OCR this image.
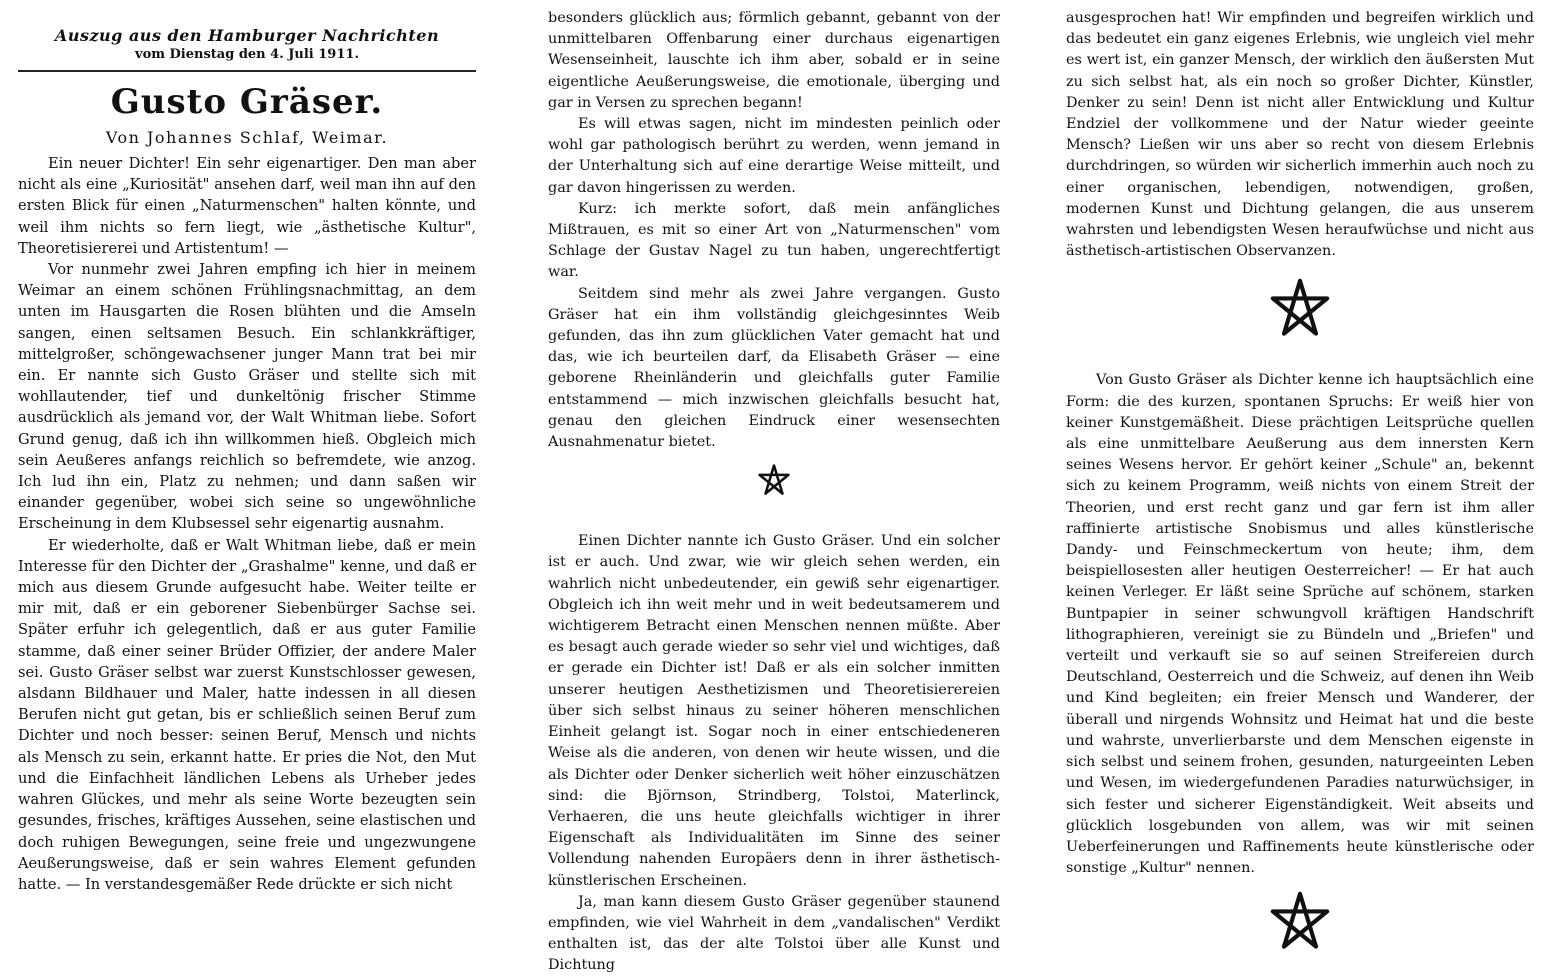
Auszug aus den Hamburger Nachrichten
vom Dienstag den 4. Juli 1911.
Gusto Gräser.
Von Johannes Schlaf, Weimar.

Ein neuer Dichter! Ein sehr eigenartiger. Den man aber nicht als eine „Kuriosität" ansehen darf, weil man ihn auf den ersten Blick für einen „Naturmenschen" halten könnte, und weil ihm nichts so fern liegt, wie „ästhetische Kultur", Theoretisiererei und Artistentum! —

Vor nunmehr zwei Jahren empfing ich hier in meinem Weimar an einem schönen Frühlingsnachmittag, an dem unten im Hausgarten die Rosen blühten und die Amseln sangen, einen seltsamen Besuch. Ein schlankkräftiger, mittelgroßer, schöngewachsener junger Mann trat bei mir ein. Er nannte sich Gusto Gräser und stellte sich mit wohllautender, tief und dunkeltönig frischer Stimme ausdrücklich als jemand vor, der Walt Whitman liebe. Sofort Grund genug, daß ich ihn willkommen hieß. Obgleich mich sein Aeußeres anfangs reichlich so befremdete, wie anzog. Ich lud ihn ein, Platz zu nehmen; und dann saßen wir einander gegenüber, wobei sich seine so ungewöhnliche Erscheinung in dem Klubsessel sehr eigenartig ausnahm.

Er wiederholte, daß er Walt Whitman liebe, daß er mein Interesse für den Dichter der „Grashalme" kenne, und daß er mich aus diesem Grunde aufgesucht habe. Weiter teilte er mir mit, daß er ein geborener Siebenbürger Sachse sei. Später erfuhr ich gelegentlich, daß er aus guter Familie stamme, daß einer seiner Brüder Offizier, der andere Maler sei. Gusto Gräser selbst war zuerst Kunstschlosser gewesen, alsdann Bildhauer und Maler, hatte indessen in all diesen Berufen nicht gut getan, bis er schließlich seinen Beruf zum Dichter und noch besser: seinen Beruf, Mensch und nichts als Mensch zu sein, erkannt hatte. Er pries die Not, den Mut und die Einfachheit ländlichen Lebens als Urheber jedes wahren Glückes, und mehr als seine Worte bezeugten sein gesundes, frisches, kräftiges Aussehen, seine elastischen und doch ruhigen Bewegungen, seine freie und ungezwungene Aeußerungsweise, daß er sein wahres Element gefunden hatte. — In verstandesgemäßer Rede drückte er sich nicht

besonders glücklich aus; förmlich gebannt, gebannt von der unmittelbaren Offenbarung einer durchaus eigenartigen Wesenseinheit, lauschte ich ihm aber, sobald er in seine eigentliche Aeußerungsweise, die emotionale, überging und gar in Versen zu sprechen begann!

Es will etwas sagen, nicht im mindesten peinlich oder wohl gar pathologisch berührt zu werden, wenn jemand in der Unterhaltung sich auf eine derartige Weise mitteilt, und gar davon hingerissen zu werden.

Kurz: ich merkte sofort, daß mein anfängliches Mißtrauen, es mit so einer Art von „Naturmenschen" vom Schlage der Gustav Nagel zu tun haben, ungerechtfertigt war.

Seitdem sind mehr als zwei Jahre vergangen. Gusto Gräser hat ein ihm vollständig gleichgesinntes Weib gefunden, das ihn zum glücklichen Vater gemacht hat und das, wie ich beurteilen darf, da Elisabeth Gräser — eine geborene Rheinländerin und gleichfalls guter Familie entstammend — mich inzwischen gleichfalls besucht hat, genau den gleichen Eindruck einer wesensechten Ausnahmenatur bietet.

Einen Dichter nannte ich Gusto Gräser. Und ein solcher ist er auch. Und zwar, wie wir gleich sehen werden, ein wahrlich nicht unbedeutender, ein gewiß sehr eigenartiger. Obgleich ich ihn weit mehr und in weit bedeutsamerem und wichtigerem Betracht einen Menschen nennen müßte. Aber es besagt auch gerade wieder so sehr viel und wichtiges, daß er gerade ein Dichter ist! Daß er als ein solcher inmitten unserer heutigen Aesthetizismen und Theoretisierereien über sich selbst hinaus zu seiner höheren menschlichen Einheit gelangt ist. Sogar noch in einer entschiedeneren Weise als die anderen, von denen wir heute wissen, und die als Dichter oder Denker sicherlich weit höher einzuschätzen sind: die Björnson, Strindberg, Tolstoi, Materlinck, Verhaeren, die uns heute gleichfalls wichtiger in ihrer Eigenschaft als Individualitäten im Sinne des seiner Vollendung nahenden Europäers denn in ihrer ästhetisch-künstlerischen Erscheinen.

Ja, man kann diesem Gusto Gräser gegenüber staunend empfinden, wie viel Wahrheit in dem „vandalischen" Verdikt enthalten ist, das der alte Tolstoi über alle Kunst und Dichtung

ausgesprochen hat! Wir empfinden und begreifen wirklich und das bedeutet ein ganz eigenes Erlebnis, wie ungleich viel mehr es wert ist, ein ganzer Mensch, der wirklich den äußersten Mut zu sich selbst hat, als ein noch so großer Dichter, Künstler, Denker zu sein! Denn ist nicht aller Entwicklung und Kultur Endziel der vollkommene und der Natur wieder geeinte Mensch? Ließen wir uns aber so recht von diesem Erlebnis durchdringen, so würden wir sicherlich immerhin auch noch zu einer organischen, lebendigen, notwendigen, großen, modernen Kunst und Dichtung gelangen, die aus unserem wahrsten und lebendigsten Wesen heraufwüchse und nicht aus ästhetisch-artistischen Observanzen.

Von Gusto Gräser als Dichter kenne ich hauptsächlich eine Form: die des kurzen, spontanen Spruchs: Er weiß hier von keiner Kunstgemäßheit. Diese prächtigen Leitsprüche quellen als eine unmittelbare Aeußerung aus dem innersten Kern seines Wesens hervor. Er gehört keiner „Schule" an, bekennt sich zu keinem Programm, weiß nichts von einem Streit der Theorien, und erst recht ganz und gar fern ist ihm aller raffinierte artistische Snobismus und alles künstlerische Dandy- und Feinschmeckertum von heute; ihm, dem beispiellosesten aller heutigen Oesterreicher! — Er hat auch keinen Verleger. Er läßt seine Sprüche auf schönem, starken Buntpapier in seiner schwungvoll kräftigen Handschrift lithographieren, vereinigt sie zu Bündeln und „Briefen" und verteilt und verkauft sie so auf seinen Streifereien durch Deutschland, Oesterreich und die Schweiz, auf denen ihn Weib und Kind begleiten; ein freier Mensch und Wanderer, der überall und nirgends Wohnsitz und Heimat hat und die beste und wahrste, unverlierbarste und dem Menschen eigenste in sich selbst und seinem frohen, gesunden, naturgeeinten Leben und Wesen, im wiedergefundenen Paradies naturwüchsiger, in sich fester und sicherer Eigenständigkeit. Weit abseits und glücklich losgebunden von allem, was wir mit seinen Ueberfeinerungen und Raffinements heute künstlerische oder sonstige „Kultur" nennen.
